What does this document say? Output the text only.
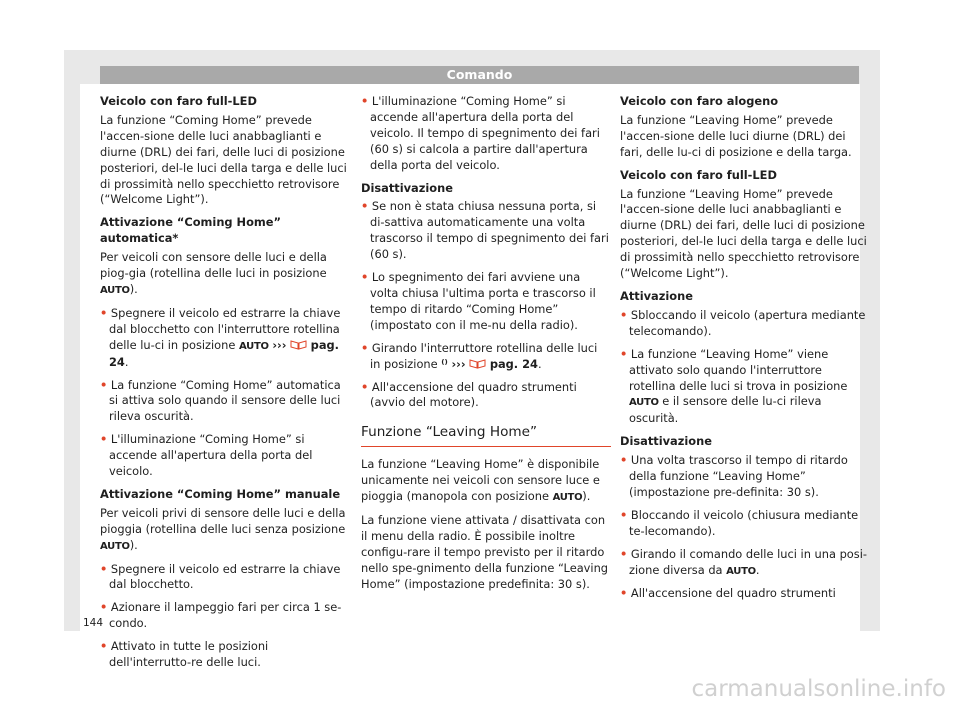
Comando

Veicolo con faro full-LED

La funzione “Coming Home” prevede l'accen-sione delle luci anabbaglianti e diurne (DRL) dei fari, delle luci di posizione posteriori, del-le luci della targa e delle luci di prossimità nello specchietto retrovisore (“Welcome Light”).

Attivazione “Coming Home” automatica*

Per veicoli con sensore delle luci e della piog-gia (rotellina delle luci in posizione AUTO).

• Spegnere il veicolo ed estrarre la chiave dal blocchetto con l'interruttore rotellina delle lu-ci in posizione AUTO ››› pag. 24.

• La funzione “Coming Home” automatica si attiva solo quando il sensore delle luci rileva oscurità.

• L'illuminazione “Coming Home” si accende all'apertura della porta del veicolo.

Attivazione “Coming Home” manuale

Per veicoli privi di sensore delle luci e della pioggia (rotellina delle luci senza posizione AUTO).

• Spegnere il veicolo ed estrarre la chiave dal blocchetto.

• Azionare il lampeggio fari per circa 1 se-condo.

• Attivato in tutte le posizioni dell'interrutto-re delle luci.

• L'illuminazione “Coming Home” si accende all'apertura della porta del veicolo. Il tempo di spegnimento dei fari (60 s) si calcola a partire dall'apertura della porta del veicolo.

Disattivazione

• Se non è stata chiusa nessuna porta, si di-sattiva automaticamente una volta trascorso il tempo di spegnimento dei fari (60 s).

• Lo spegnimento dei fari avviene una volta chiusa l'ultima porta e trascorso il tempo di ritardo “Coming Home” (impostato con il me-nu della radio).

• Girando l'interruttore rotellina delle luci in posizione ⁽⁾ ››› pag. 24.

• All'accensione del quadro strumenti (avvio del motore).

Funzione “Leaving Home”

La funzione “Leaving Home” è disponibile unicamente nei veicoli con sensore luce e pioggia (manopola con posizione AUTO).

La funzione viene attivata / disattivata con il menu della radio. È possibile inoltre configu-rare il tempo previsto per il ritardo nello spe-gnimento della funzione “Leaving Home” (impostazione predefinita: 30 s).

Veicolo con faro alogeno

La funzione “Leaving Home” prevede l'accen-sione delle luci diurne (DRL) dei fari, delle lu-ci di posizione e della targa.

Veicolo con faro full-LED

La funzione “Leaving Home” prevede l'accen-sione delle luci anabbaglianti e diurne (DRL) dei fari, delle luci di posizione posteriori, del-le luci della targa e delle luci di prossimità nello specchietto retrovisore (“Welcome Light”).

Attivazione

• Sbloccando il veicolo (apertura mediante telecomando).

• La funzione “Leaving Home” viene attivato solo quando l'interruttore rotellina delle luci si trova in posizione AUTO e il sensore delle lu-ci rileva oscurità.

Disattivazione

• Una volta trascorso il tempo di ritardo della funzione “Leaving Home” (impostazione pre-definita: 30 s).

• Bloccando il veicolo (chiusura mediante te-lecomando).

• Girando il comando delle luci in una posi-zione diversa da AUTO.

• All'accensione del quadro strumenti

144
carmanualsonline.info
